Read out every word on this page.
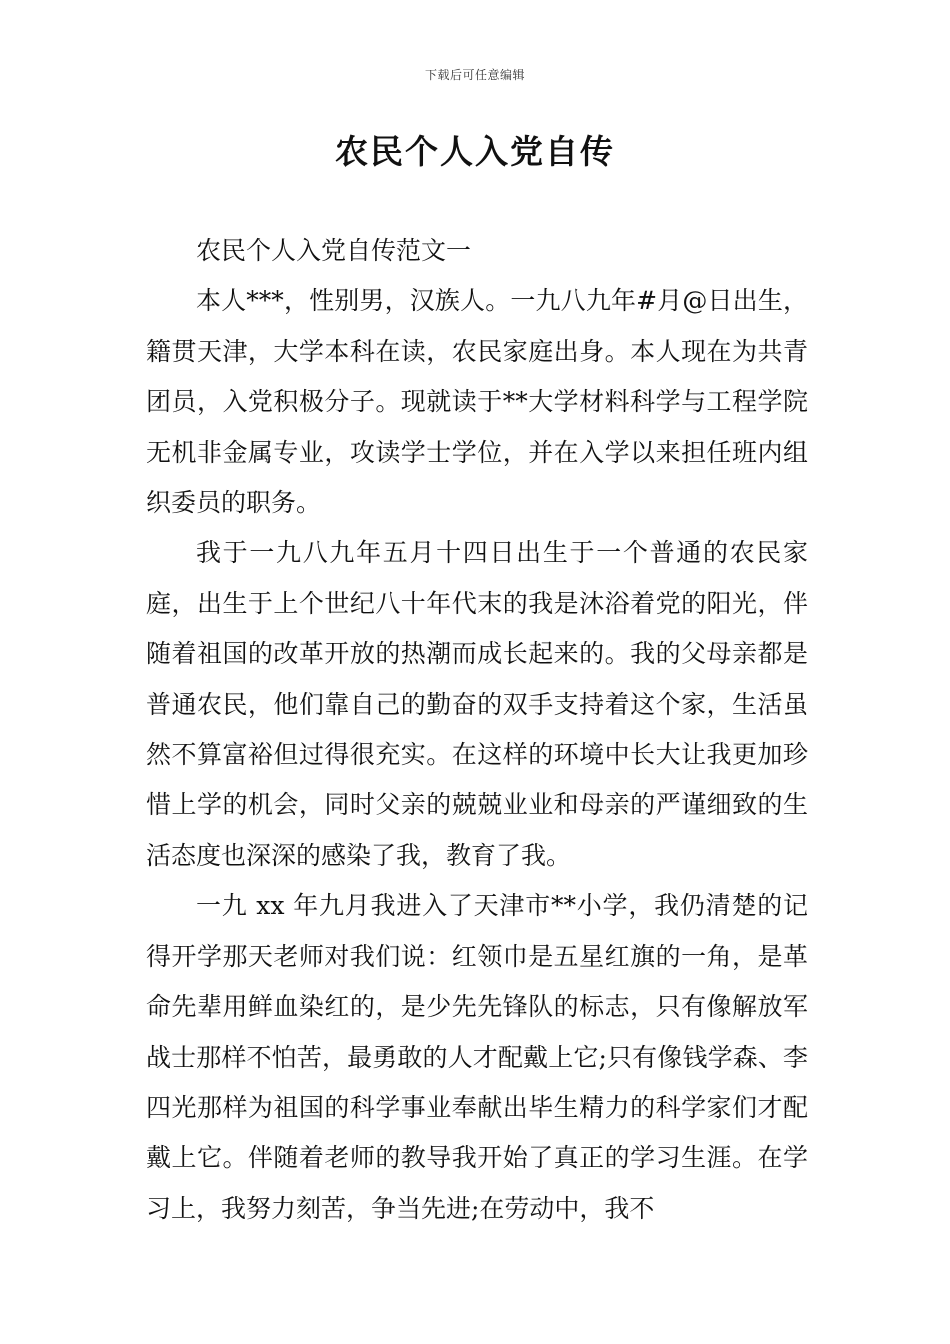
下载后可任意编辑
农民个人入党自传

农民个人入党自传范文一

本人***，性别男，汉族人。一九八九年#月@日出生，籍贯天津，大学本科在读，农民家庭出身。本人现在为共青团员，入党积极分子。现就读于**大学材料科学与工程学院无机非金属专业，攻读学士学位，并在入学以来担任班内组织委员的职务。

我于一九八九年五月十四日出生于一个普通的农民家庭，出生于上个世纪八十年代末的我是沐浴着党的阳光，伴随着祖国的改革开放的热潮而成长起来的。我的父母亲都是普通农民，他们靠自己的勤奋的双手支持着这个家，生活虽然不算富裕但过得很充实。在这样的环境中长大让我更加珍惜上学的机会，同时父亲的兢兢业业和母亲的严谨细致的生活态度也深深的感染了我，教育了我。

一九 xx 年九月我进入了天津市**小学，我仍清楚的记得开学那天老师对我们说：红领巾是五星红旗的一角，是革命先辈用鲜血染红的，是少先先锋队的标志，只有像解放军战士那样不怕苦，最勇敢的人才配戴上它;只有像钱学森、李四光那样为祖国的科学事业奉献出毕生精力的科学家们才配戴上它。伴随着老师的教导我开始了真正的学习生涯。在学习上，我努力刻苦，争当先进;在劳动中，我不
